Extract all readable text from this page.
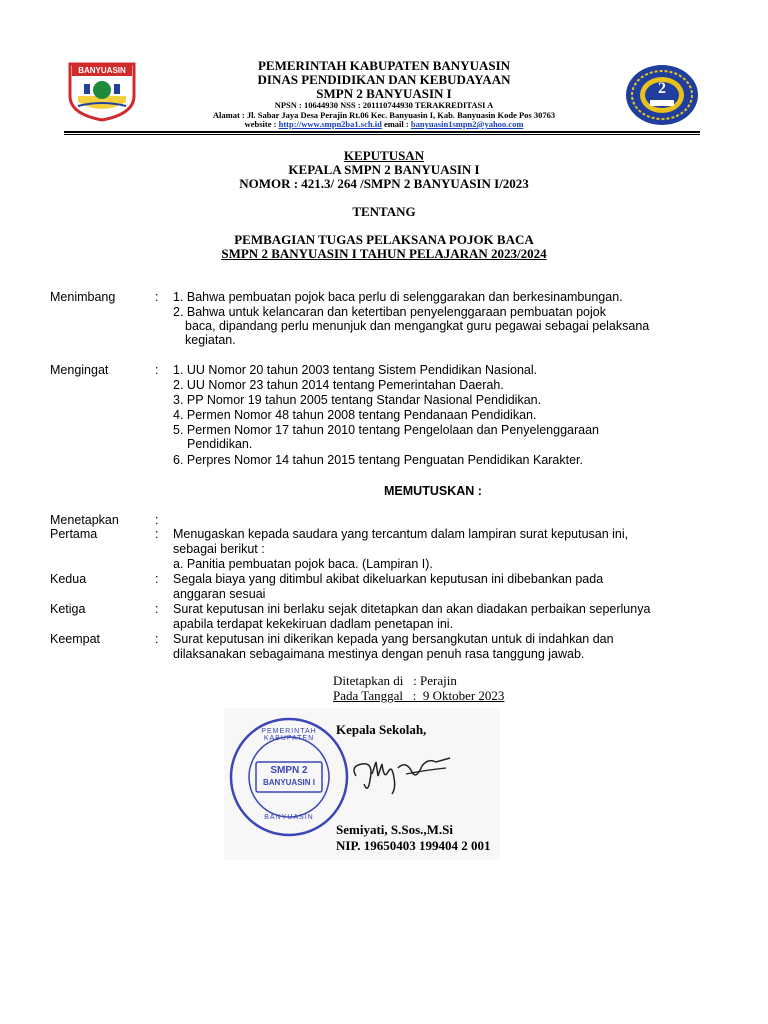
BANYUASIN
2
PEMERINTAH KABUPATEN BANYUASIN
DINAS PENDIDIKAN DAN KEBUDAYAAN
SMPN 2 BANYUASIN I
NPSN : 10644930 NSS : 201110744930 TERAKREDITASI A
Alamat : Jl. Sabar Jaya Desa Perajin Rt.06 Kec. Banyuasin I, Kab. Banyuasin Kode Pos 30763
website : http://www.smpn2ba1.sch.id email : banyuasin1smpn2@yahoo.com
KEPUTUSAN
KEPALA SMPN 2 BANYUASIN I
NOMOR : 421.3/ 264 /SMPN 2 BANYUASIN I/2023
TENTANG
PEMBAGIAN TUGAS PELAKSANA POJOK BACA
SMPN 2 BANYUASIN I TAHUN PELAJARAN 2023/2024
Menimbang	: 1. Bahwa pembuatan pojok baca perlu di selenggarakan dan berkesinambungan.
2. Bahwa untuk kelancaran dan ketertiban penyelenggaraan pembuatan pojok
baca, dipandang perlu menunjuk dan mengangkat guru pegawai sebagai pelaksana
kegiatan.
Mengingat	: 1. UU Nomor 20 tahun 2003 tentang Sistem Pendidikan Nasional.
2. UU Nomor 23 tahun 2014 tentang Pemerintahan Daerah.
3. PP Nomor 19 tahun 2005 tentang Standar Nasional Pendidikan.
4. Permen Nomor 48 tahun 2008 tentang Pendanaan Pendidikan.
5. Permen Nomor 17 tahun 2010 tentang Pengelolaan dan Penyelenggaraan
Pendidikan.
6. Perpres Nomor 14 tahun 2015 tentang Penguatan Pendidikan Karakter.
MEMUTUSKAN :
Menetapkan	:
Pertama	: Menugaskan kepada saudara yang tercantum dalam lampiran surat keputusan ini,
sebagai berikut :
a. Panitia pembuatan pojok baca. (Lampiran I).
Kedua	: Segala biaya yang ditimbul akibat dikeluarkan keputusan ini dibebankan pada
anggaran sesuai
Ketiga	: Surat keputusan ini berlaku sejak ditetapkan dan akan diadakan perbaikan seperlunya
apabila terdapat kekekiruan dadlam penetapan ini.
Keempat	: Surat keputusan ini dikerikan kepada yang bersangkutan untuk di indahkan dan
dilaksanakan sebagaimana mestinya dengan penuh rasa tanggung jawab.
Ditetapkan di   : Perajin
Pada Tanggal   :  9 Oktober 2023
PEMERINTAH KABUPATEN
SMPN 2
BANYUASIN I
BANYUASIN
Kepala Sekolah,
Semiyati, S.Sos.,M.Si
NIP. 19650403 199404 2 001
